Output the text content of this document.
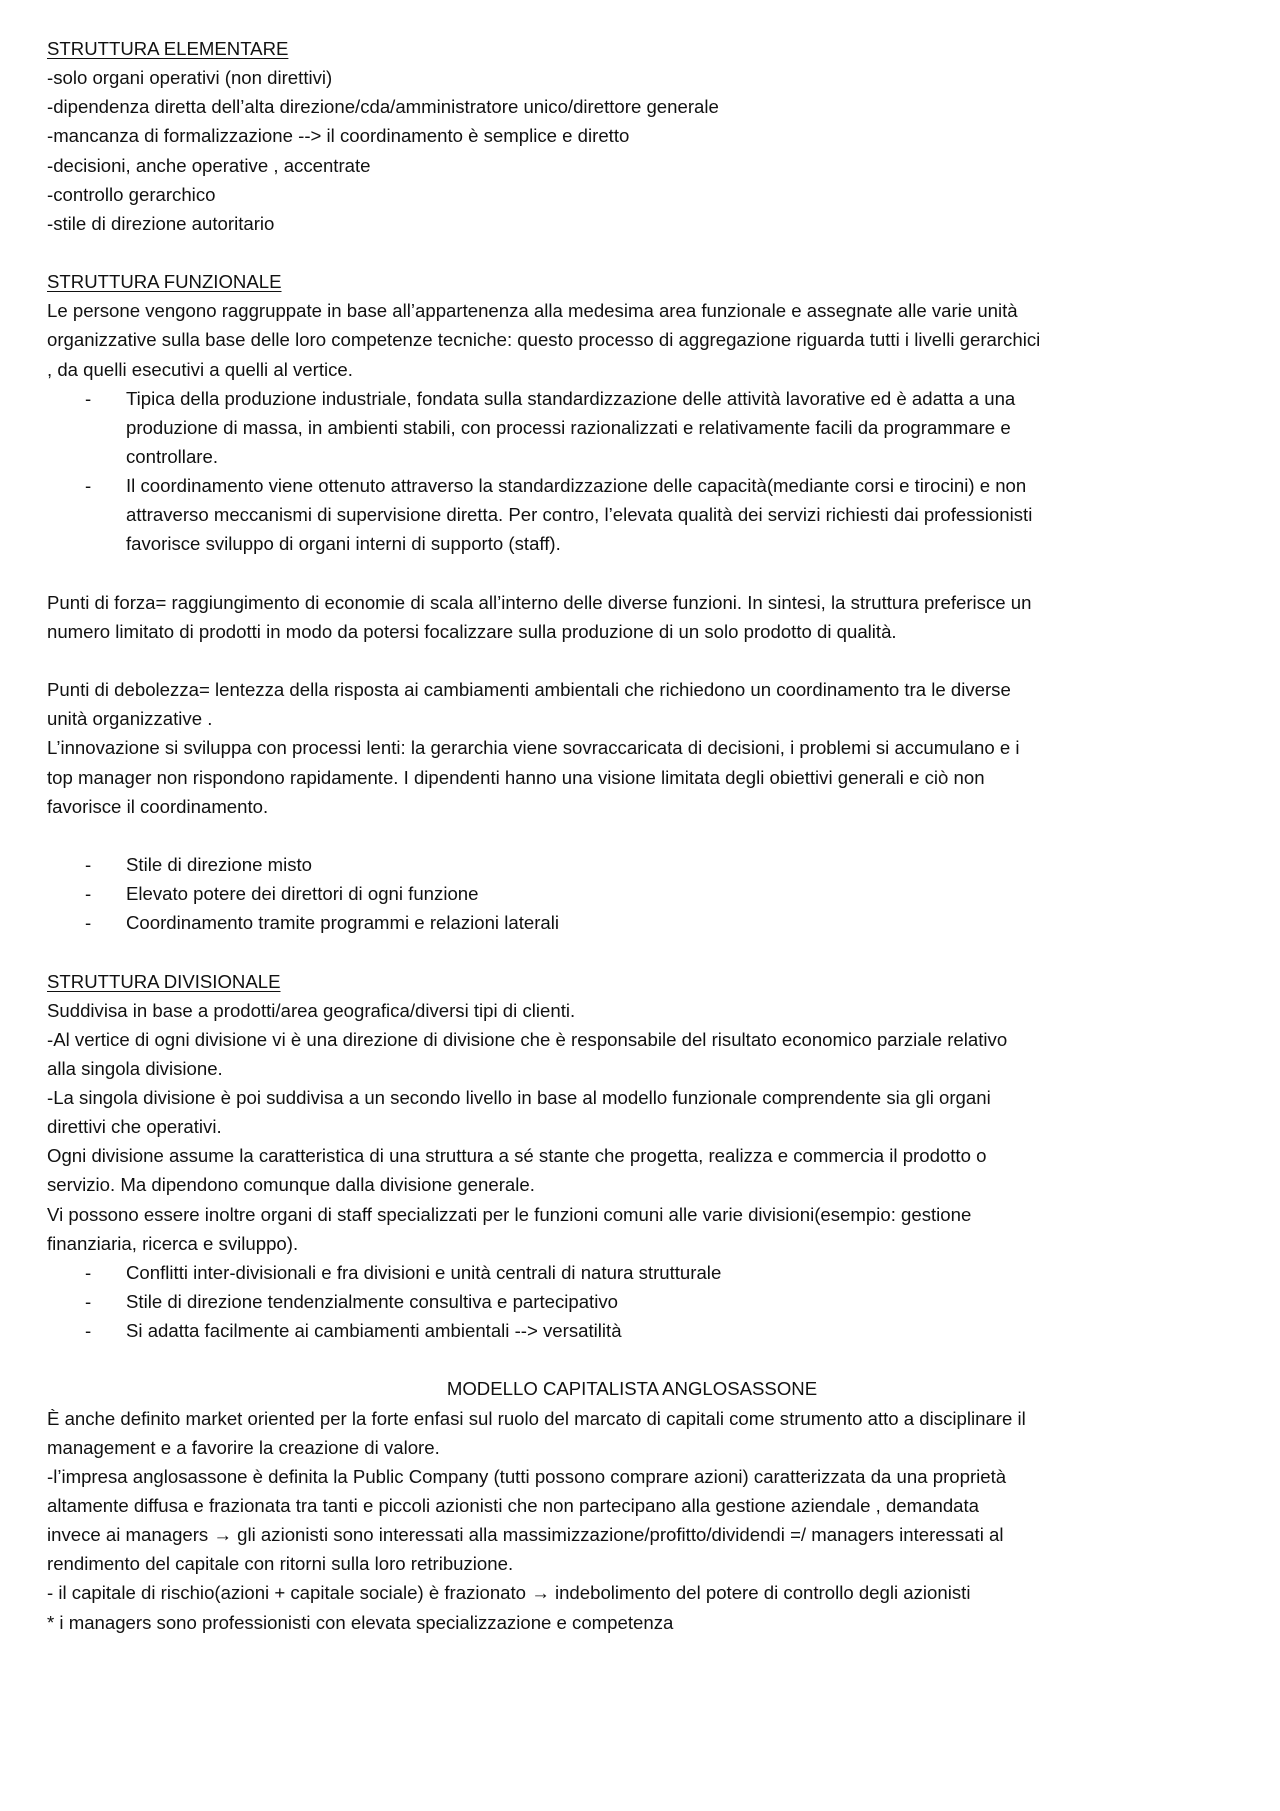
STRUTTURA ELEMENTARE
-solo organi operativi (non direttivi)
-dipendenza diretta dell’alta direzione/cda/amministratore unico/direttore generale
-mancanza di formalizzazione --> il coordinamento è semplice e diretto
-decisioni, anche operative , accentrate
-controllo gerarchico
-stile di direzione autoritario
STRUTTURA FUNZIONALE
Le persone vengono raggruppate in base all’appartenenza alla medesima area funzionale e assegnate alle varie unità
organizzative sulla base delle loro competenze tecniche: questo processo di aggregazione riguarda tutti i livelli gerarchici
, da quelli esecutivi a quelli al vertice.
- Tipica della produzione industriale, fondata sulla standardizzazione delle attività lavorative ed è adatta a una
produzione di massa, in ambienti stabili, con processi razionalizzati e relativamente facili da programmare e
controllare.
- Il coordinamento viene ottenuto attraverso la standardizzazione delle capacità(mediante corsi e tirocini) e non
attraverso meccanismi di supervisione diretta. Per contro, l’elevata qualità dei servizi richiesti dai professionisti
favorisce sviluppo di organi interni di supporto (staff).
Punti di forza= raggiungimento di economie di scala all’interno delle diverse funzioni. In sintesi, la struttura preferisce un
numero limitato di prodotti in modo da potersi focalizzare sulla produzione di un solo prodotto di qualità.
Punti di debolezza= lentezza della risposta ai cambiamenti ambientali che richiedono un coordinamento tra le diverse
unità organizzative .
L’innovazione si sviluppa con processi lenti: la gerarchia viene sovraccaricata di decisioni, i problemi si accumulano e i
top manager non rispondono rapidamente. I dipendenti hanno una visione limitata degli obiettivi generali e ciò non
favorisce il coordinamento.
- Stile di direzione misto
- Elevato potere dei direttori di ogni funzione
- Coordinamento tramite programmi e relazioni laterali
STRUTTURA DIVISIONALE
Suddivisa in base a prodotti/area geografica/diversi tipi di clienti.
-Al vertice di ogni divisione vi è una direzione di divisione che è responsabile del risultato economico parziale relativo
alla singola divisione.
-La singola divisione è poi suddivisa a un secondo livello in base al modello funzionale comprendente sia gli organi
direttivi che operativi.
Ogni divisione assume la caratteristica di una struttura a sé stante che progetta, realizza e commercia il prodotto o
servizio. Ma dipendono comunque dalla divisione generale.
Vi possono essere inoltre organi di staff specializzati per le funzioni comuni alle varie divisioni(esempio: gestione
finanziaria, ricerca e sviluppo).
- Conflitti inter-divisionali e fra divisioni e unità centrali di natura strutturale
- Stile di direzione tendenzialmente consultiva e partecipativo
- Si adatta facilmente ai cambiamenti ambientali --> versatilità
MODELLO CAPITALISTA ANGLOSASSONE
È anche definito market oriented per la forte enfasi sul ruolo del marcato di capitali come strumento atto a disciplinare il
management e a favorire la creazione di valore.
-l’impresa anglosassone è definita la Public Company (tutti possono comprare azioni) caratterizzata da una proprietà
altamente diffusa e frazionata tra tanti e piccoli azionisti che non partecipano alla gestione aziendale , demandata
invece ai managers → gli azionisti sono interessati alla massimizzazione/profitto/dividendi =/ managers interessati al
rendimento del capitale con ritorni sulla loro retribuzione.
- il capitale di rischio(azioni + capitale sociale) è frazionato → indebolimento del potere di controllo degli azionisti
* i managers sono professionisti con elevata specializzazione e competenza
